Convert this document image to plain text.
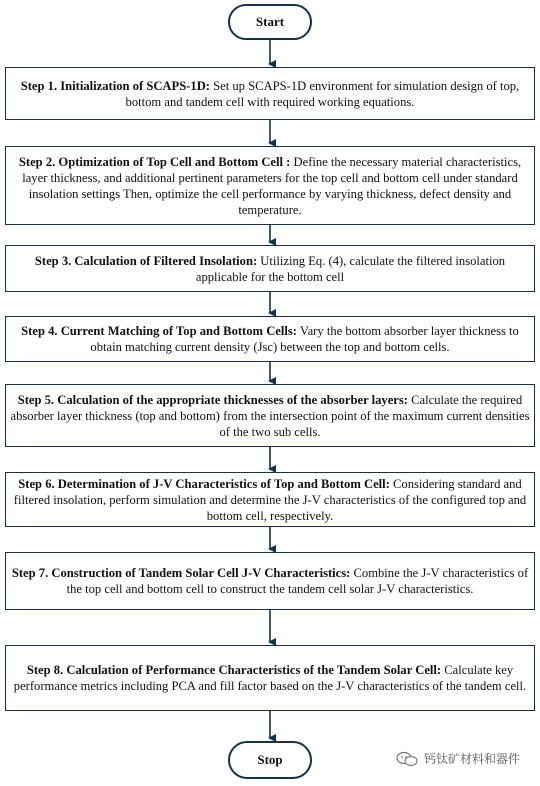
Start

Step 1. Initialization of SCAPS-1D: Set up SCAPS-1D environment for simulation design of top, bottom and tandem cell with required working equations.

Step 2. Optimization of Top Cell and Bottom Cell : Define the necessary material characteristics, layer thickness, and additional pertinent parameters for the top cell and bottom cell under standard insolation settings Then, optimize the cell performance by varying thickness, defect density and temperature.

Step 3. Calculation of Filtered Insolation: Utilizing Eq. (4), calculate the filtered insolation applicable for the bottom cell

Step 4. Current Matching of Top and Bottom Cells: Vary the bottom absorber layer thickness to obtain matching current density (Jsc) between the top and bottom cells.

Step 5. Calculation of the appropriate thicknesses of the absorber layers: Calculate the required absorber layer thickness (top and bottom) from the intersection point of the maximum current densities of the two sub cells.

Step 6. Determination of J-V Characteristics of Top and Bottom Cell: Considering standard and filtered insolation, perform simulation and determine the J-V characteristics of the configured top and bottom cell, respectively.

Step 7. Construction of Tandem Solar Cell J-V Characteristics: Combine the J-V characteristics of the top cell and bottom cell to construct the tandem cell solar J-V characteristics.

Step 8. Calculation of Performance Characteristics of the Tandem Solar Cell: Calculate key performance metrics including PCA and fill factor based on the J-V characteristics of the tandem cell.

Stop	钙钛矿材料和器件
